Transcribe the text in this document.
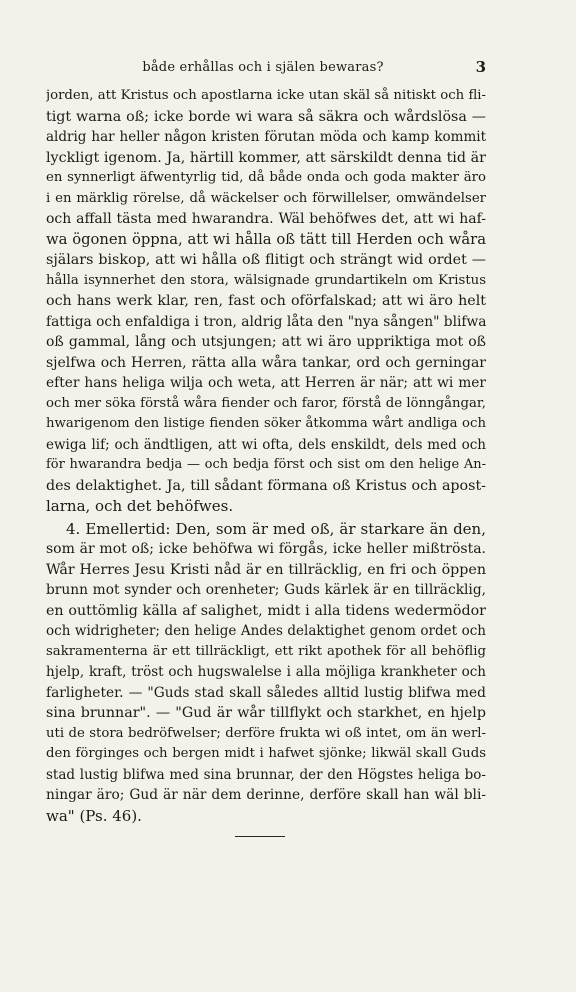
både erhållas och i själen bewaras?	3
jorden, att Kristus och apostlarna icke utan skäl så nitiskt och fli-
tigt warna oß; icke borde wi wara så säkra och wårdslösa —
aldrig har heller någon kristen förutan möda och kamp kommit
lyckligt igenom. Ja, härtill kommer, att särskildt denna tid är
en synnerligt äfwentyrlig tid, då både onda och goda makter äro
i en märklig rörelse, då wäckelser och förwillelser, omwändelser
och affall tästa med hwarandra. Wäl behöfwes det, att wi haf-
wa ögonen öppna, att wi hålla oß tätt till Herden och wåra
själars biskop, att wi hålla oß flitigt och strängt wid ordet —
hålla isynnerhet den stora, wälsignade grundartikeln om Kristus
och hans werk klar, ren, fast och oförfalskad; att wi äro helt
fattiga och enfaldiga i tron, aldrig låta den "nya sången" blifwa
oß gammal, lång och utsjungen; att wi äro uppriktiga mot oß
sjelfwa och Herren, rätta alla wåra tankar, ord och gerningar
efter hans heliga wilja och weta, att Herren är när; att wi mer
och mer söka förstå wåra fiender och faror, förstå de lönngångar,
hwarigenom den listige fienden söker åtkomma wårt andliga och
ewiga lif; och ändtligen, att wi ofta, dels enskildt, dels med och
för hwarandra bedja — och bedja först och sist om den helige An-
des delaktighet. Ja, till sådant förmana oß Kristus och apost-
larna, och det behöfwes.
4. Emellertid: Den, som är med oß, är starkare än den,
som är mot oß; icke behöfwa wi förgås, icke heller mißtrösta.
Wår Herres Jesu Kristi nåd är en tillräcklig, en fri och öppen
brunn mot synder och orenheter; Guds kärlek är en tillräcklig,
en outtömlig källa af salighet, midt i alla tidens wedermödor
och widrigheter; den helige Andes delaktighet genom ordet och
sakramenterna är ett tillräckligt, ett rikt apothek för all behöflig
hjelp, kraft, tröst och hugswalelse i alla möjliga krankheter och
farligheter. — "Guds stad skall således alltid lustig blifwa med
sina brunnar". — "Gud är wår tillflykt och starkhet, en hjelp
uti de stora bedröfwelser; derföre frukta wi oß intet, om än werl-
den förginges och bergen midt i hafwet sjönke; likwäl skall Guds
stad lustig blifwa med sina brunnar, der den Högstes heliga bo-
ningar äro; Gud är när dem derinne, derföre skall han wäl bli-
wa" (Ps. 46).
